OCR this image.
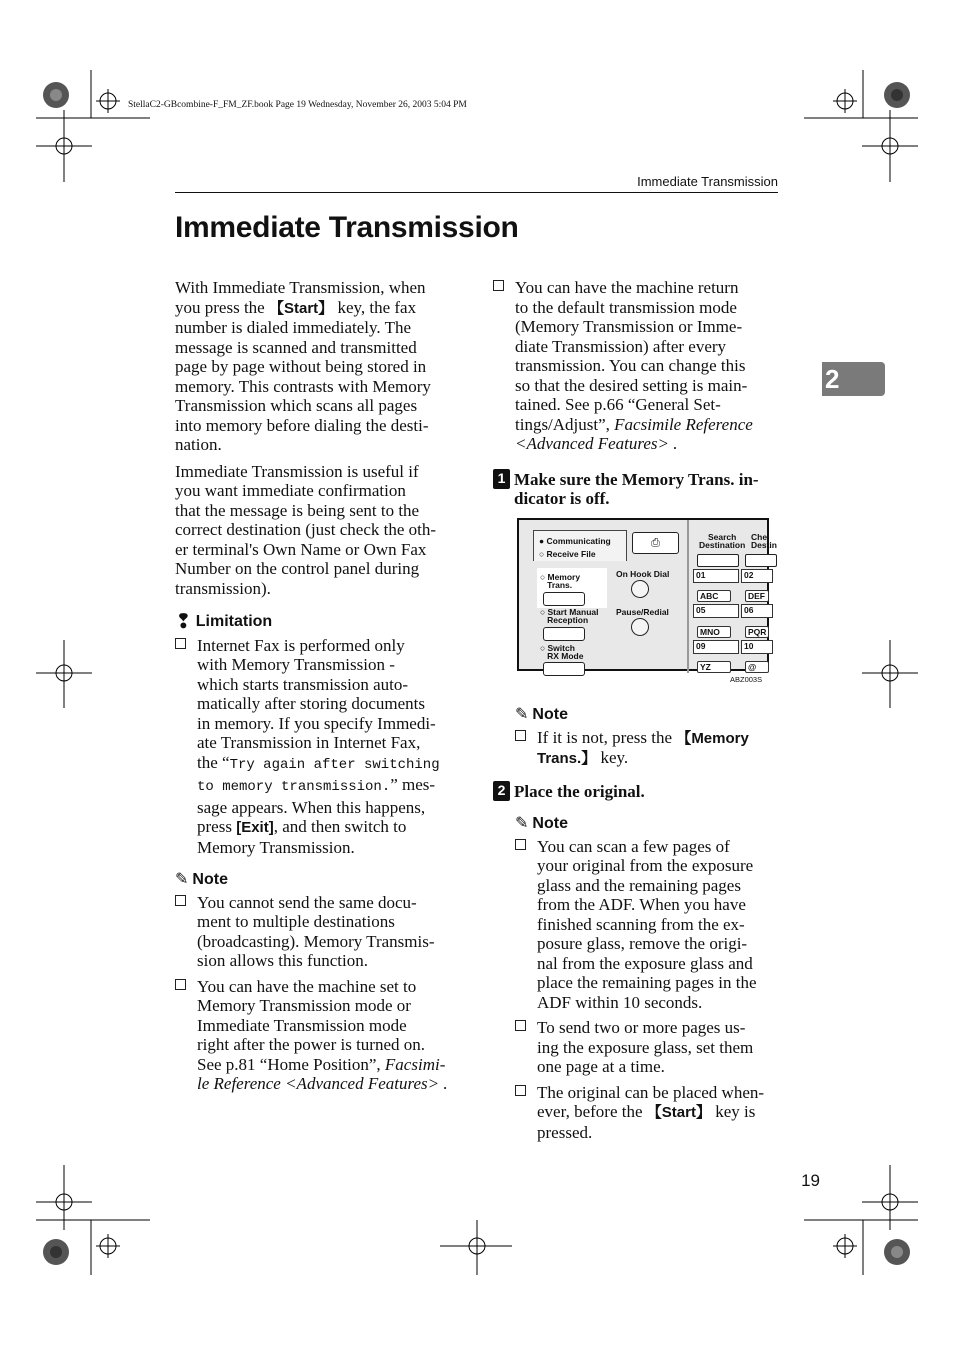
StellaC2-GBcombine-F_FM_ZF.book Page 19 Wednesday, November 26, 2003 5:04 PM
Immediate Transmission
Immediate Transmission
2

With Immediate Transmission, when
you press the 【Start】 key, the fax
number is dialed immediately. The
message is scanned and transmitted
page by page without being stored in
memory. This contrasts with Memory
Transmission which scans all pages
into memory before dialing the desti-
nation.

Immediate Transmission is useful if
you want immediate confirmation
that the message is being sent to the
correct destination (just check the oth-
er terminal's Own Name or Own Fax
Number on the control panel during
transmission).

❢ Limitation
Internet Fax is performed only
with Memory Transmission -
which starts transmission auto-
matically after storing documents
in memory. If you specify Immedi-
ate Transmission in Internet Fax,
the “Try again after switching
to memory transmission.” mes-
sage appears. When this happens,
press [Exit], and then switch to
Memory Transmission.
✎ Note
You cannot send the same docu-
ment to multiple destinations
(broadcasting). Memory Transmis-
sion allows this function.
You can have the machine set to
Memory Transmission mode or
Immediate Transmission mode
right after the power is turned on.
See p.81 “Home Position”, Facsimi-
le Reference <Advanced Features> .
You can have the machine return
to the default transmission mode
(Memory Transmission or Imme-
diate Transmission) after every
transmission. You can change this
so that the desired setting is main-
tained. See p.66 “General Set-
tings/Adjust”, Facsimile Reference
<Advanced Features> .
1 Make sure the Memory Trans. in-
dicator is off.
● Communicating
○ Receive File
⎙
○ Memory
Trans.
○ Start Manual
Reception
○ Switch
RX Mode
On Hook Dial
Pause/Redial
Search
Destination
Che
Destin
01	02
ABC	DEF
05	06
MNO	PQR
09	10
YZ	@
ABZ003S
✎ Note
If it is not, press the 【Memory
Trans.】 key.
2 Place the original.
✎ Note
You can scan a few pages of
your original from the exposure
glass and the remaining pages
from the ADF. When you have
finished scanning from the ex-
posure glass, remove the origi-
nal from the exposure glass and
place the remaining pages in the
ADF within 10 seconds.
To send two or more pages us-
ing the exposure glass, set them
one page at a time.
The original can be placed when-
ever, before the 【Start】 key is
pressed.
19
